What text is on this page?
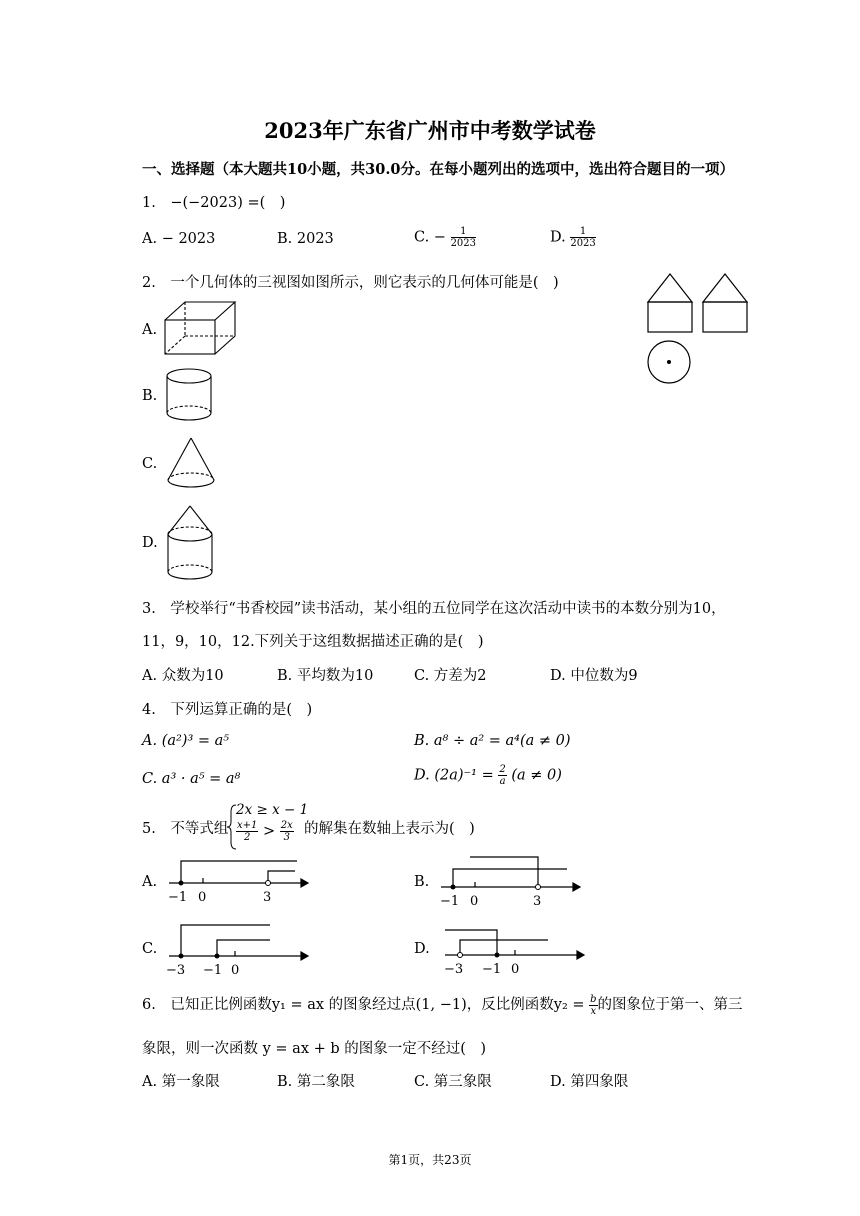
2023年广东省广州市中考数学试卷
一、选择题（本大题共10小题，共30.0分。在每小题列出的选项中，选出符合题目的一项）
1.　−(−2023) =(　)
A. − 2023	B. 2023	C. − $\frac{1}{2023}$	D. $\frac{1}{2023}$
2.　一个几何体的三视图如图所示，则它表示的几何体可能是(　)
A.
B.
C.
D.
3.　学校举行“书香校园”读书活动，某小组的五位同学在这次活动中读书的本数分别为10，
11，9，10，12.下列关于这组数据描述正确的是(　)
A. 众数为10	B. 平均数为10	C. 方差为2	D. 中位数为9
4.　下列运算正确的是(　)
A. (a²)³ = a⁵	B. a⁸ ÷ a² = a⁴(a ≠ 0)
C. a³ · a⁵ = a⁸	D. $(2a)^{-1} = \frac{2}{a} (a \ne 0)$
5.　不等式组
2x ≥ x − 1
$\frac{x+1}{2} > \frac{2x}{3}$ 的解集在数轴上表示为(　)
A.
−1 0	3
B.
−1 0	3
C.
−3 −1 0
D.
−3 −1 0
6.　已知正比例函数y₁ = ax 的图象经过点(1, −1)，反比例函数$y_2 = \frac{b}{x}$ 的图象位于第一、第三
象限，则一次函数 y = ax + b 的图象一定不经过(　)
A. 第一象限	B. 第二象限	C. 第三象限	D. 第四象限
第1页，共23页
